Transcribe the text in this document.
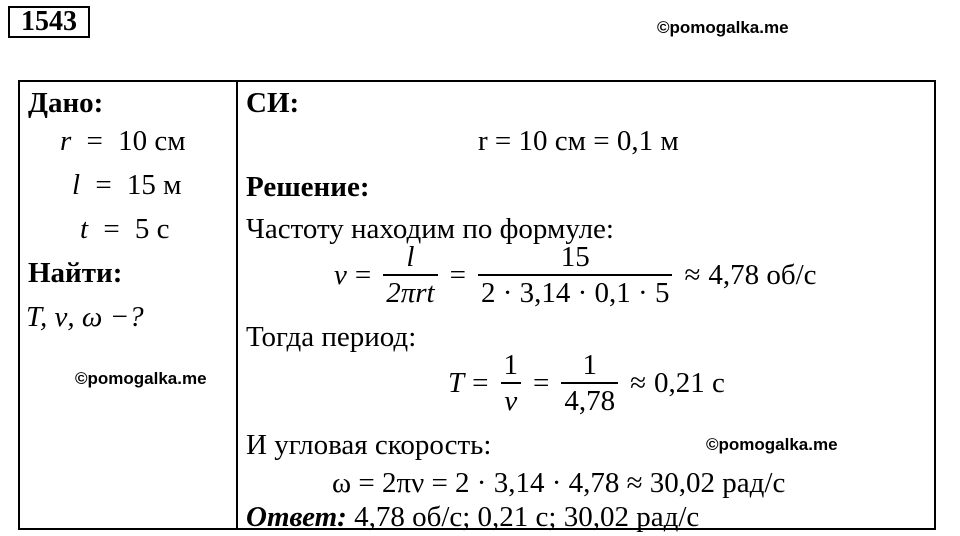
1543	©pomogalka.me
Дано:
r = 10 см
l = 15 м
t = 5 с
Найти:
T, ν, ω −?
СИ:
r = 10 см = 0,1 м
Решение:
Частоту находим по формуле:
$\nu = \frac{l}{\text{2πrt}} = \frac{15}{2 \cdot 3,14 \cdot 0,1 \cdot 5} \approx 4,78$ об/с
Тогда период:
$T = \frac{1}{\nu} = \frac{1}{4,78} \approx 0,21$ с
И угловая скорость:
ω = 2πν = 2 · 3,14 · 4,78 ≈ 30,02 рад/с
Ответ: 4,78 об/с; 0,21 с; 30,02 рад/с
©pomogalka.me
©pomogalka.me
